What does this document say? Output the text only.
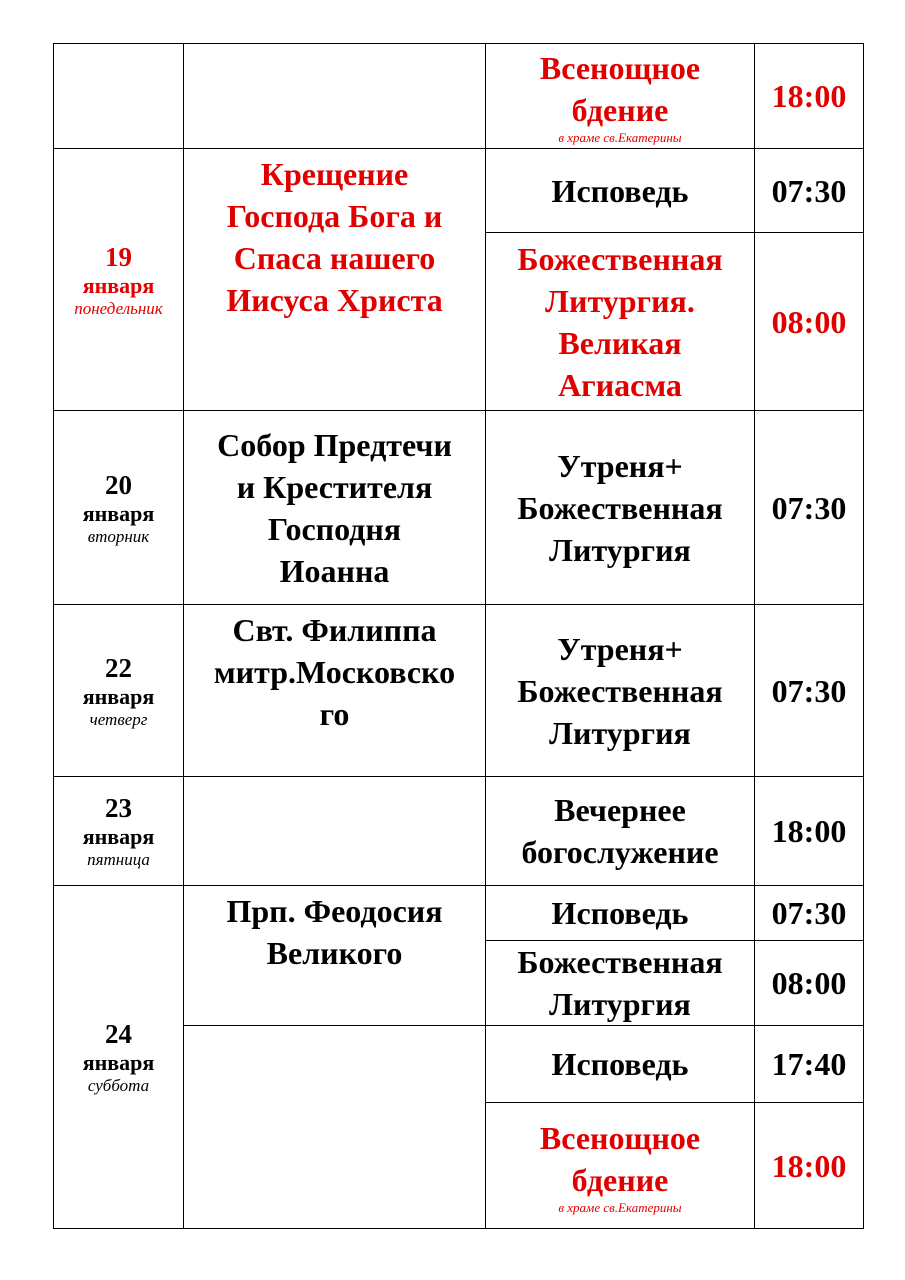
		Всенощное
бдение
в храме св.Екатерины	18:00

19
января
понедельник	Крещение
Господа Бога и
Спаса нашего
Иисуса Христа	Исповедь	07:30

		Божественная
Литургия.
Великая
Агиасма	08:00

20
января
вторник	Собор Предтечи
и Крестителя
Господня
Иоанна	Утреня+
Божественная
Литургия	07:30

22
января
четверг	Свт. Филиппа
митр.Московско
го	Утреня+
Божественная
Литургия	07:30

23
января
пятница		Вечернее
богослужение	18:00

24
января
суббота	Прп. Феодосия
Великого	Исповедь	07:30

		Божественная
Литургия	08:00
		Исповедь	17:40

		Всенощное
бдение
в храме св.Екатерины	18:00
